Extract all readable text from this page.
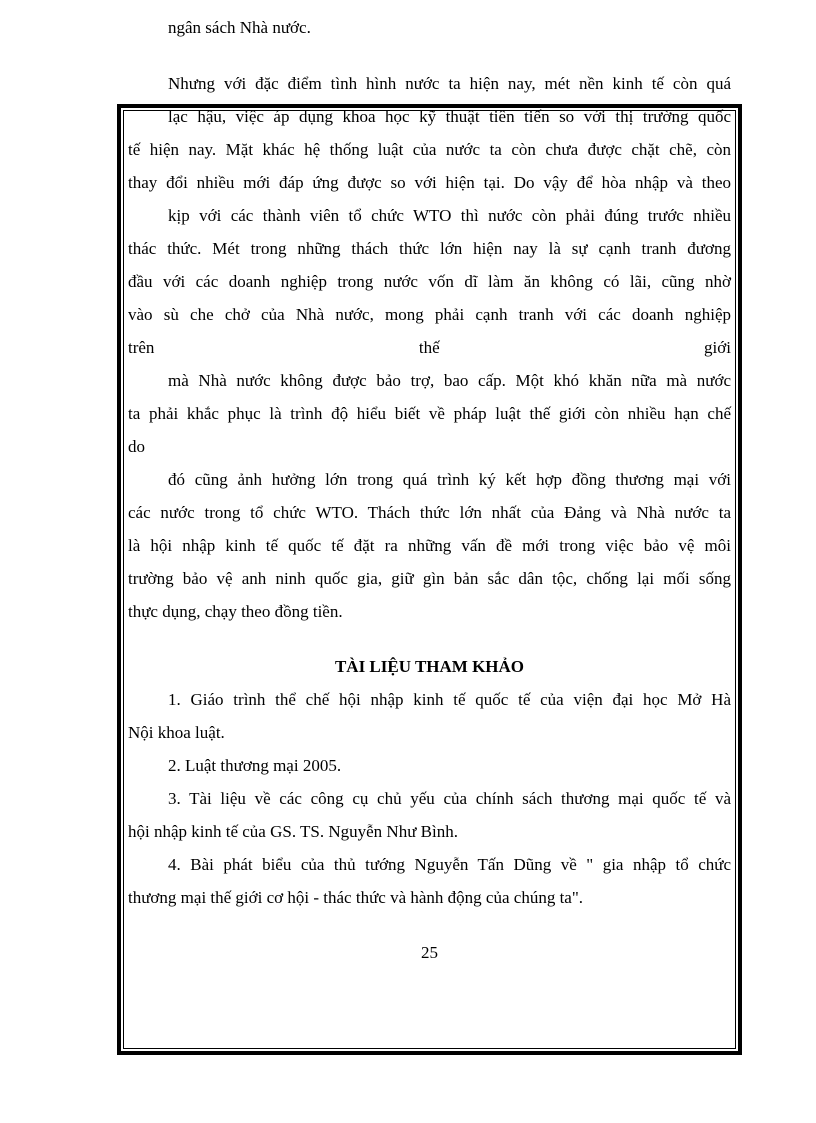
ngân sách Nhà nước.
Nhưng với đặc điểm tình hình nước ta hiện nay, mét nền kinh tế còn quá
lạc hậu, việc áp dụng khoa học kỹ thuật tiên tiến so với thị trường quốc
tế hiện nay. Mặt khác hệ thống luật của nước ta còn chưa được chặt chẽ, còn
thay đổi nhiều mới đáp ứng được so với hiện tại. Do vậy để hòa nhập và theo
kịp với các thành viên tổ chức WTO thì nước còn phải đúng trước nhiều
thác thức. Mét trong những thách thức lớn hiện nay là sự cạnh tranh đương
đầu với các doanh nghiệp trong nước vốn dĩ làm ăn không có lãi, cũng nhờ
vào sù che chở của Nhà nước, mong phải cạnh tranh với các doanh nghiệp
trên thế giới
mà Nhà nước không được bảo trợ, bao cấp. Một khó khăn nữa mà nước
ta phải khắc phục là trình độ hiểu biết về pháp luật thế giới còn nhiều hạn chế
do
đó cũng ảnh hưởng lớn trong quá trình ký kết hợp đồng thương mại với
các nước trong tổ chức WTO. Thách thức lớn nhất của Đảng và Nhà nước ta
là hội nhập kinh tế quốc tế đặt ra những vấn đề mới trong việc bảo vệ môi
trường bảo vệ anh ninh quốc gia, giữ gìn bản sắc dân tộc, chống lại mối sống
thực dụng, chạy theo đồng tiền.
TÀI LIỆU THAM KHẢO
1. Giáo trình thể chế hội nhập kinh tế quốc tế của viện đại học Mở Hà
Nội khoa luật.
2. Luật thương mại 2005.
3. Tài liệu về các công cụ chủ yếu của chính sách thương mại quốc tế và
hội nhập kinh tế của GS. TS. Nguyễn Như Bình.
4. Bài phát biểu của thủ tướng Nguyễn Tấn Dũng về " gia nhập tổ chức
thương mại thế giới cơ hội - thác thức và hành động của chúng ta".
25
